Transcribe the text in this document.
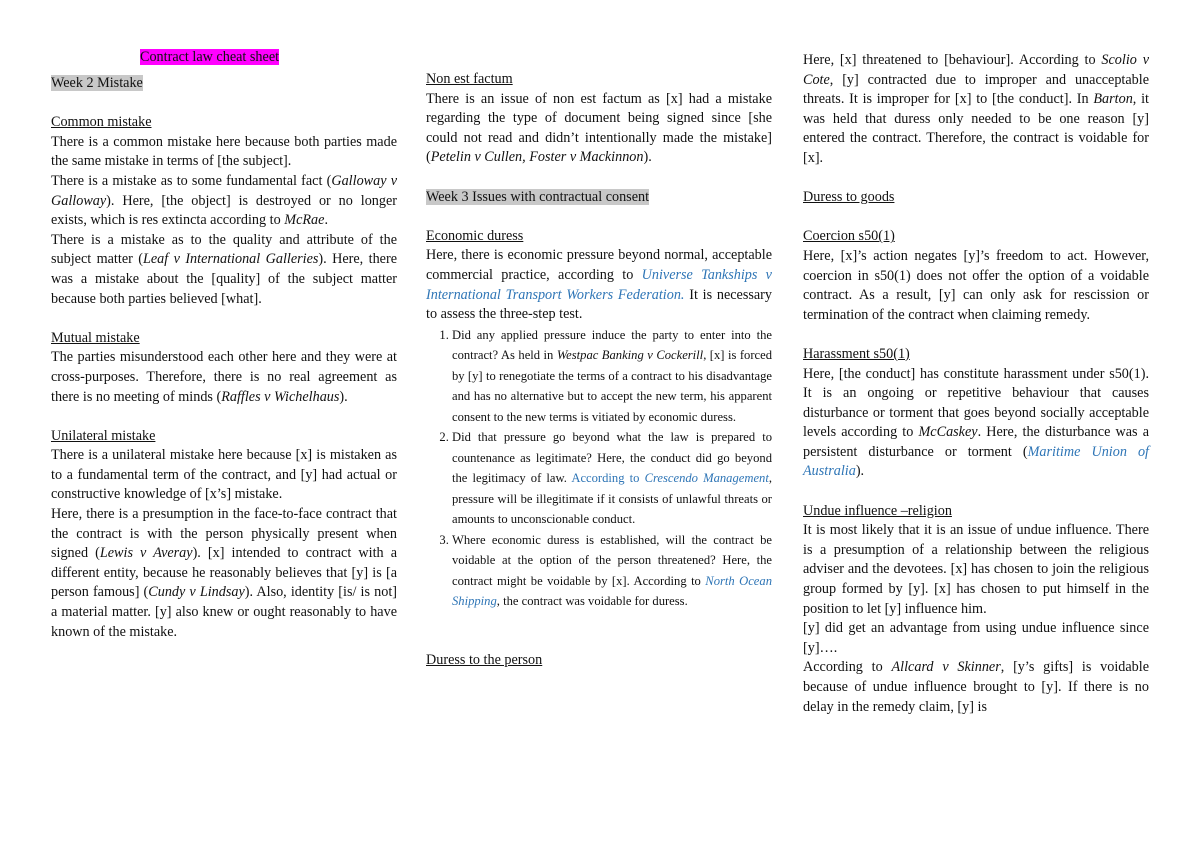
Contract law cheat sheet

Week 2 Mistake

Common mistake

There is a common mistake here because both parties made the same mistake in terms of [the subject].

There is a mistake as to some fundamental fact (Galloway v Galloway). Here, [the object] is destroyed or no longer exists, which is res extincta according to McRae.

There is a mistake as to the quality and attribute of the subject matter (Leaf v International Galleries). Here, there was a mistake about the [quality] of the subject matter because both parties believed [what].

Mutual mistake

The parties misunderstood each other here and they were at cross-purposes. Therefore, there is no real agreement as there is no meeting of minds (Raffles v Wichelhaus).

Unilateral mistake

There is a unilateral mistake here because [x] is mistaken as to a fundamental term of the contract, and [y] had actual or constructive knowledge of [x’s] mistake.

Here, there is a presumption in the face-to-face contract that the contract is with the person physically present when signed (Lewis v Averay). [x] intended to contract with a different entity, because he reasonably believes that [y] is [a person famous] (Cundy v Lindsay). Also, identity [is/ is not] a material matter. [y] also knew or ought reasonably to have known of the mistake.

Non est factum

There is an issue of non est factum as [x] had a mistake regarding the type of document being signed since [she could not read and didn’t intentionally made the mistake] (Petelin v Cullen, Foster v Mackinnon).

Week 3 Issues with contractual consent

Economic duress

Here, there is economic pressure beyond normal, acceptable commercial practice, according to Universe Tankships v International Transport Workers Federation. It is necessary to assess the three-step test.

1. Did any applied pressure induce the party to enter into the contract? As held in Westpac Banking v Cockerill, [x] is forced by [y] to renegotiate the terms of a contract to his disadvantage and has no alternative but to accept the new term, his apparent consent to the new terms is vitiated by economic duress.
2. Did that pressure go beyond what the law is prepared to countenance as legitimate? Here, the conduct did go beyond the legitimacy of law. According to Crescendo Management, pressure will be illegitimate if it consists of unlawful threats or amounts to unconscionable conduct.
3. Where economic duress is established, will the contract be voidable at the option of the person threatened? Here, the contract might be voidable by [x]. According to North Ocean Shipping, the contract was voidable for duress.

Duress to the person

Here, [x] threatened to [behaviour]. According to Scolio v Cote, [y] contracted due to improper and unacceptable threats. It is improper for [x] to [the conduct]. In Barton, it was held that duress only needed to be one reason [y] entered the contract. Therefore, the contract is voidable for [x].

Duress to goods

Coercion s50(1)

Here, [x]’s action negates [y]’s freedom to act. However, coercion in s50(1) does not offer the option of a voidable contract. As a result, [y] can only ask for rescission or termination of the contract when claiming remedy.

Harassment s50(1)

Here, [the conduct] has constitute harassment under s50(1). It is an ongoing or repetitive behaviour that causes disturbance or torment that goes beyond socially acceptable levels according to McCaskey. Here, the disturbance was a persistent disturbance or torment (Maritime Union of Australia).

Undue influence –religion

It is most likely that it is an issue of undue influence. There is a presumption of a relationship between the religious adviser and the devotees. [x] has chosen to join the religious group formed by [y]. [x] has chosen to put himself in the position to let [y] influence him.

[y] did get an advantage from using undue influence since [y]….

According to Allcard v Skinner, [y’s gifts] is voidable because of undue influence brought to [y]. If there is no delay in the remedy claim, [y] is
